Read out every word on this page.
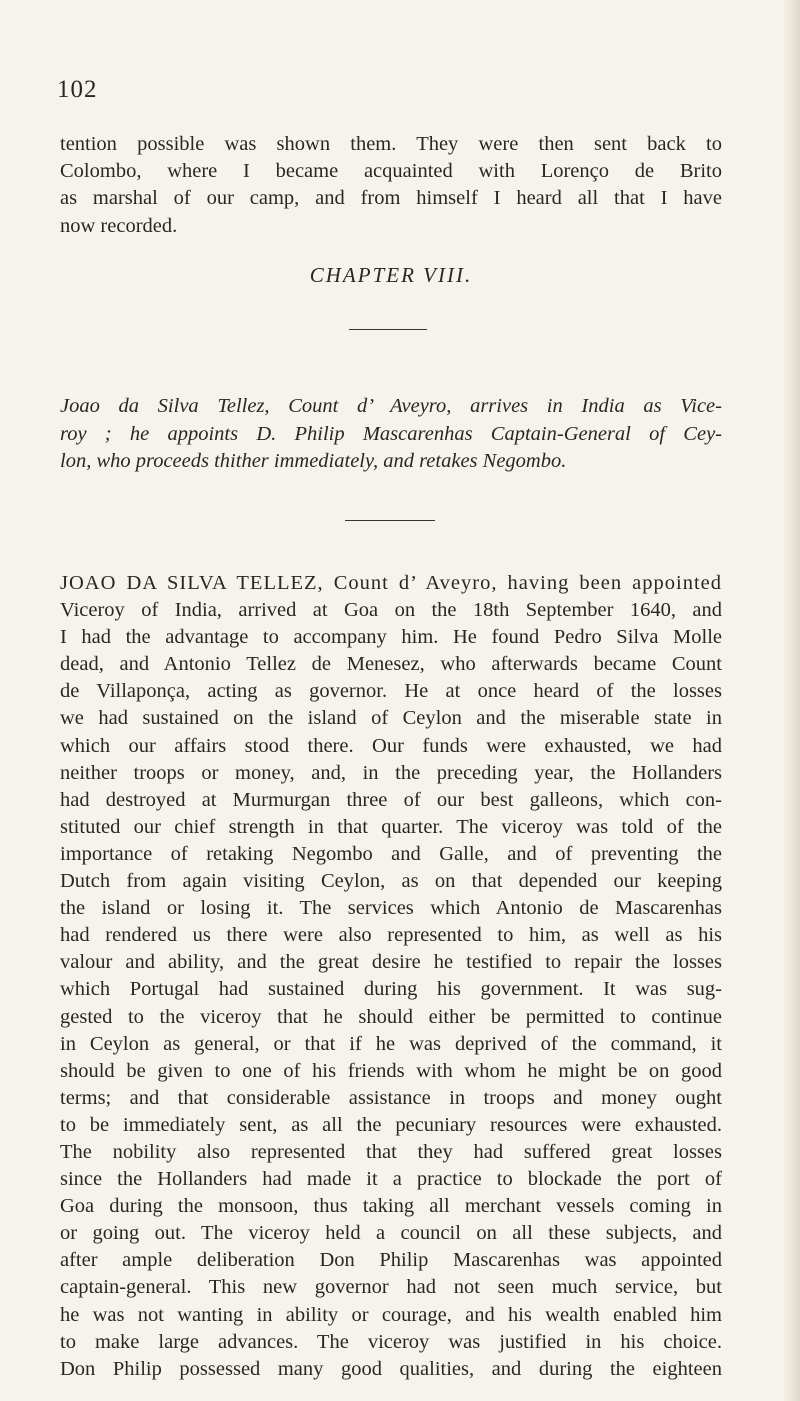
102

tention possible was shown them. They were then sent back to
Colombo, where I became acquainted with Lorenço de Brito
as marshal of our camp, and from himself I heard all that I have
now recorded.

CHAPTER VIII.

Joao da Silva Tellez, Count d’ Aveyro, arrives in India as Vice-
roy ; he appoints D. Philip Mascarenhas Captain-General of Cey-
lon, who proceeds thither immediately, and retakes Negombo.

JOAO DA SILVA TELLEZ, Count d’ Aveyro, having been appointed
Viceroy of India, arrived at Goa on the 18th September 1640, and
I had the advantage to accompany him. He found Pedro Silva Molle
dead, and Antonio Tellez de Menesez, who afterwards became Count
de Villaponça, acting as governor. He at once heard of the losses
we had sustained on the island of Ceylon and the miserable state in
which our affairs stood there. Our funds were exhausted, we had
neither troops or money, and, in the preceding year, the Hollanders
had destroyed at Murmurgan three of our best galleons, which con-
stituted our chief strength in that quarter. The viceroy was told of the
importance of retaking Negombo and Galle, and of preventing the
Dutch from again visiting Ceylon, as on that depended our keeping
the island or losing it. The services which Antonio de Mascarenhas
had rendered us there were also represented to him, as well as his
valour and ability, and the great desire he testified to repair the losses
which Portugal had sustained during his government. It was sug-
gested to the viceroy that he should either be permitted to continue
in Ceylon as general, or that if he was deprived of the command, it
should be given to one of his friends with whom he might be on good
terms; and that considerable assistance in troops and money ought
to be immediately sent, as all the pecuniary resources were exhausted.
The nobility also represented that they had suffered great losses
since the Hollanders had made it a practice to blockade the port of
Goa during the monsoon, thus taking all merchant vessels coming in
or going out. The viceroy held a council on all these subjects, and
after ample deliberation Don Philip Mascarenhas was appointed
captain-general. This new governor had not seen much service, but
he was not wanting in ability or courage, and his wealth enabled him
to make large advances. The viceroy was justified in his choice.
Don Philip possessed many good qualities, and during the eighteen
